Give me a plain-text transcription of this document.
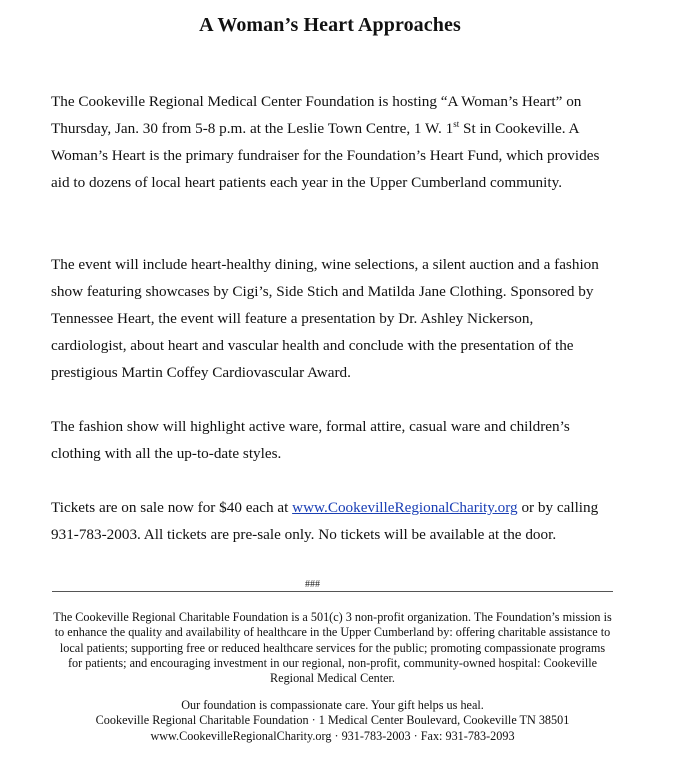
A Woman’s Heart Approaches

The Cookeville Regional Medical Center Foundation is hosting “A Woman’s Heart” on Thursday, Jan. 30 from 5-8 p.m. at the Leslie Town Centre, 1 W. 1st St in Cookeville. A Woman’s Heart is the primary fundraiser for the Foundation’s Heart Fund, which provides aid to dozens of local heart patients each year in the Upper Cumberland community.

The event will include heart-healthy dining, wine selections, a silent auction and a fashion show featuring showcases by Cigi’s, Side Stich and Matilda Jane Clothing. Sponsored by Tennessee Heart, the event will feature a presentation by Dr. Ashley Nickerson, cardiologist, about heart and vascular health and conclude with the presentation of the prestigious Martin Coffey Cardiovascular Award.

The fashion show will highlight active ware, formal attire, casual ware and children’s clothing with all the up-to-date styles.

Tickets are on sale now for $40 each at www.CookevilleRegionalCharity.org or by calling 931-783-2003. All tickets are pre-sale only. No tickets will be available at the door.

###

The Cookeville Regional Charitable Foundation is a 501(c) 3 non-profit organization. The Foundation’s mission is to enhance the quality and availability of healthcare in the Upper Cumberland by: offering charitable assistance to local patients; supporting free or reduced healthcare services for the public; promoting compassionate programs for patients; and encouraging investment in our regional, non-profit, community-owned hospital: Cookeville Regional Medical Center.

Our foundation is compassionate care. Your gift helps us heal.
Cookeville Regional Charitable Foundation · 1 Medical Center Boulevard, Cookeville TN 38501
www.CookevilleRegionalCharity.org · 931-783-2003 · Fax: 931-783-2093
